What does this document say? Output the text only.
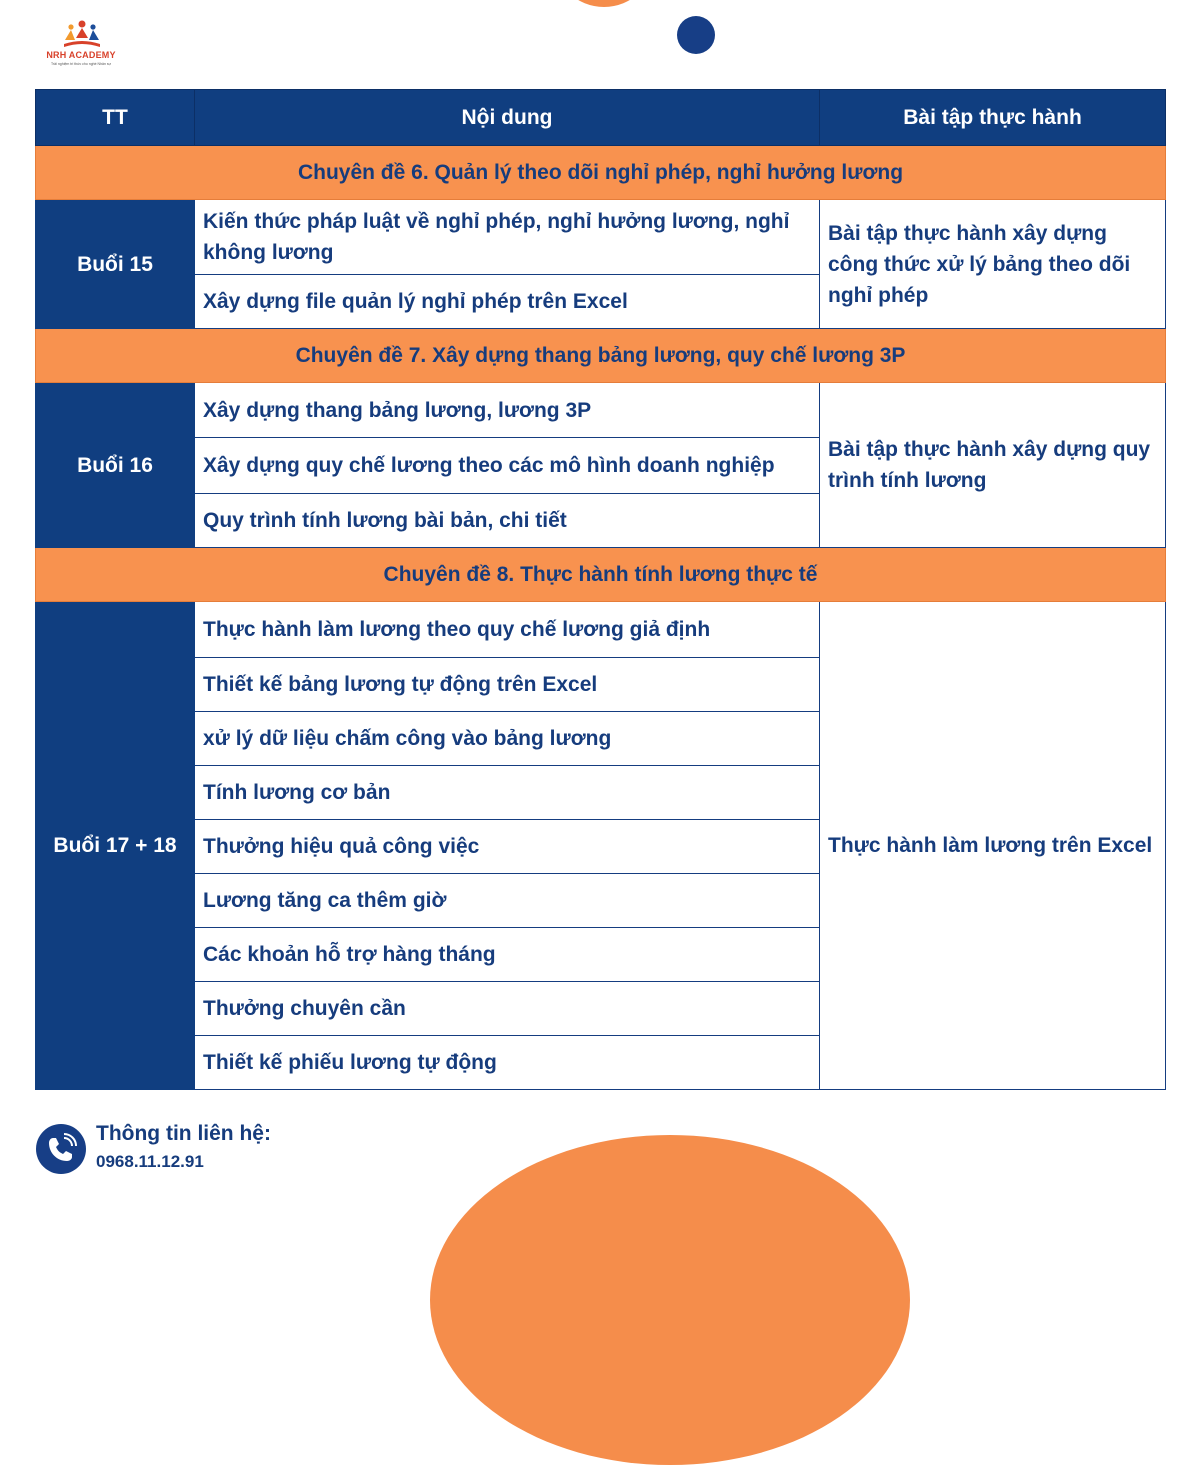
NRH ACADEMY
Trải nghiệm tri thức cho nghề Nhân sự
TT	Nội dung	Bài tập thực hành
Chuyên đề 6. Quản lý theo dõi nghỉ phép, nghỉ hưởng lương		
Buổi 15	Kiến thức pháp luật về nghỉ phép, nghỉ hưởng lương, nghỉ không lương	Bài tập thực hành xây dựng công thức xử lý bảng theo dõi nghỉ phép
	Xây dựng file quản lý nghỉ phép trên Excel	
Chuyên đề 7. Xây dựng thang bảng lương, quy chế lương 3P		
Buổi 16	Xây dựng thang bảng lương, lương 3P	Bài tập thực hành xây dựng quy trình tính lương
	Xây dựng quy chế lương theo các mô hình doanh nghiệp	
	Quy trình tính lương bài bản, chi tiết	
Chuyên đề 8. Thực hành tính lương thực tế		
Buổi 17 + 18	Thực hành làm lương theo quy chế lương giả định	Thực hành làm lương trên Excel
	Thiết kế bảng lương tự động trên Excel	
	xử lý dữ liệu chấm công vào bảng lương	
	Tính lương cơ bản	
	Thưởng hiệu quả công việc	
	Lương tăng ca thêm giờ	
	Các khoản hỗ trợ hàng tháng	
	Thưởng chuyên cần	
	Thiết kế phiếu lương tự động	
Thông tin liên hệ:
0968.11.12.91
